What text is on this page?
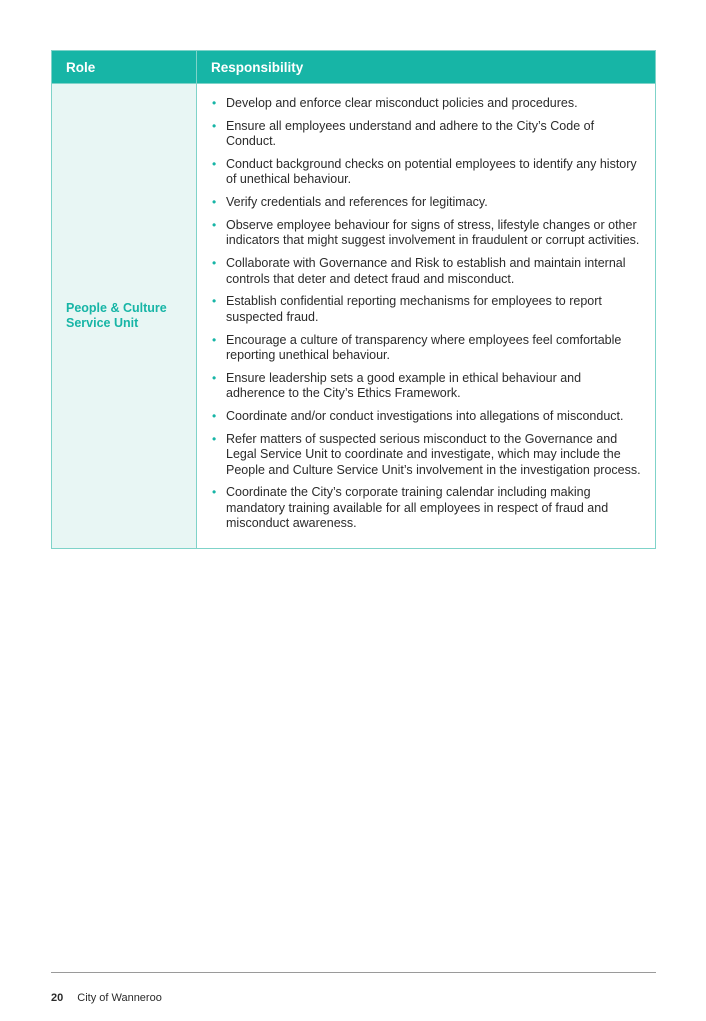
Role	Responsibility
People & Culture Service Unit
• Develop and enforce clear misconduct policies and procedures.
• Ensure all employees understand and adhere to the City’s Code of Conduct.
• Conduct background checks on potential employees to identify any history of unethical behaviour.
• Verify credentials and references for legitimacy.
• Observe employee behaviour for signs of stress, lifestyle changes or other indicators that might suggest involvement in fraudulent or corrupt activities.
• Collaborate with Governance and Risk to establish and maintain internal controls that deter and detect fraud and misconduct.
• Establish confidential reporting mechanisms for employees to report suspected fraud.
• Encourage a culture of transparency where employees feel comfortable reporting unethical behaviour.
• Ensure leadership sets a good example in ethical behaviour and adherence to the City’s Ethics Framework.
• Coordinate and/or conduct investigations into allegations of misconduct.
• Refer matters of suspected serious misconduct to the Governance and Legal Service Unit to coordinate and investigate, which may include the People and Culture Service Unit’s involvement in the investigation process.
• Coordinate the City’s corporate training calendar including making mandatory training available for all employees in respect of fraud and misconduct awareness.
20 City of Wanneroo
